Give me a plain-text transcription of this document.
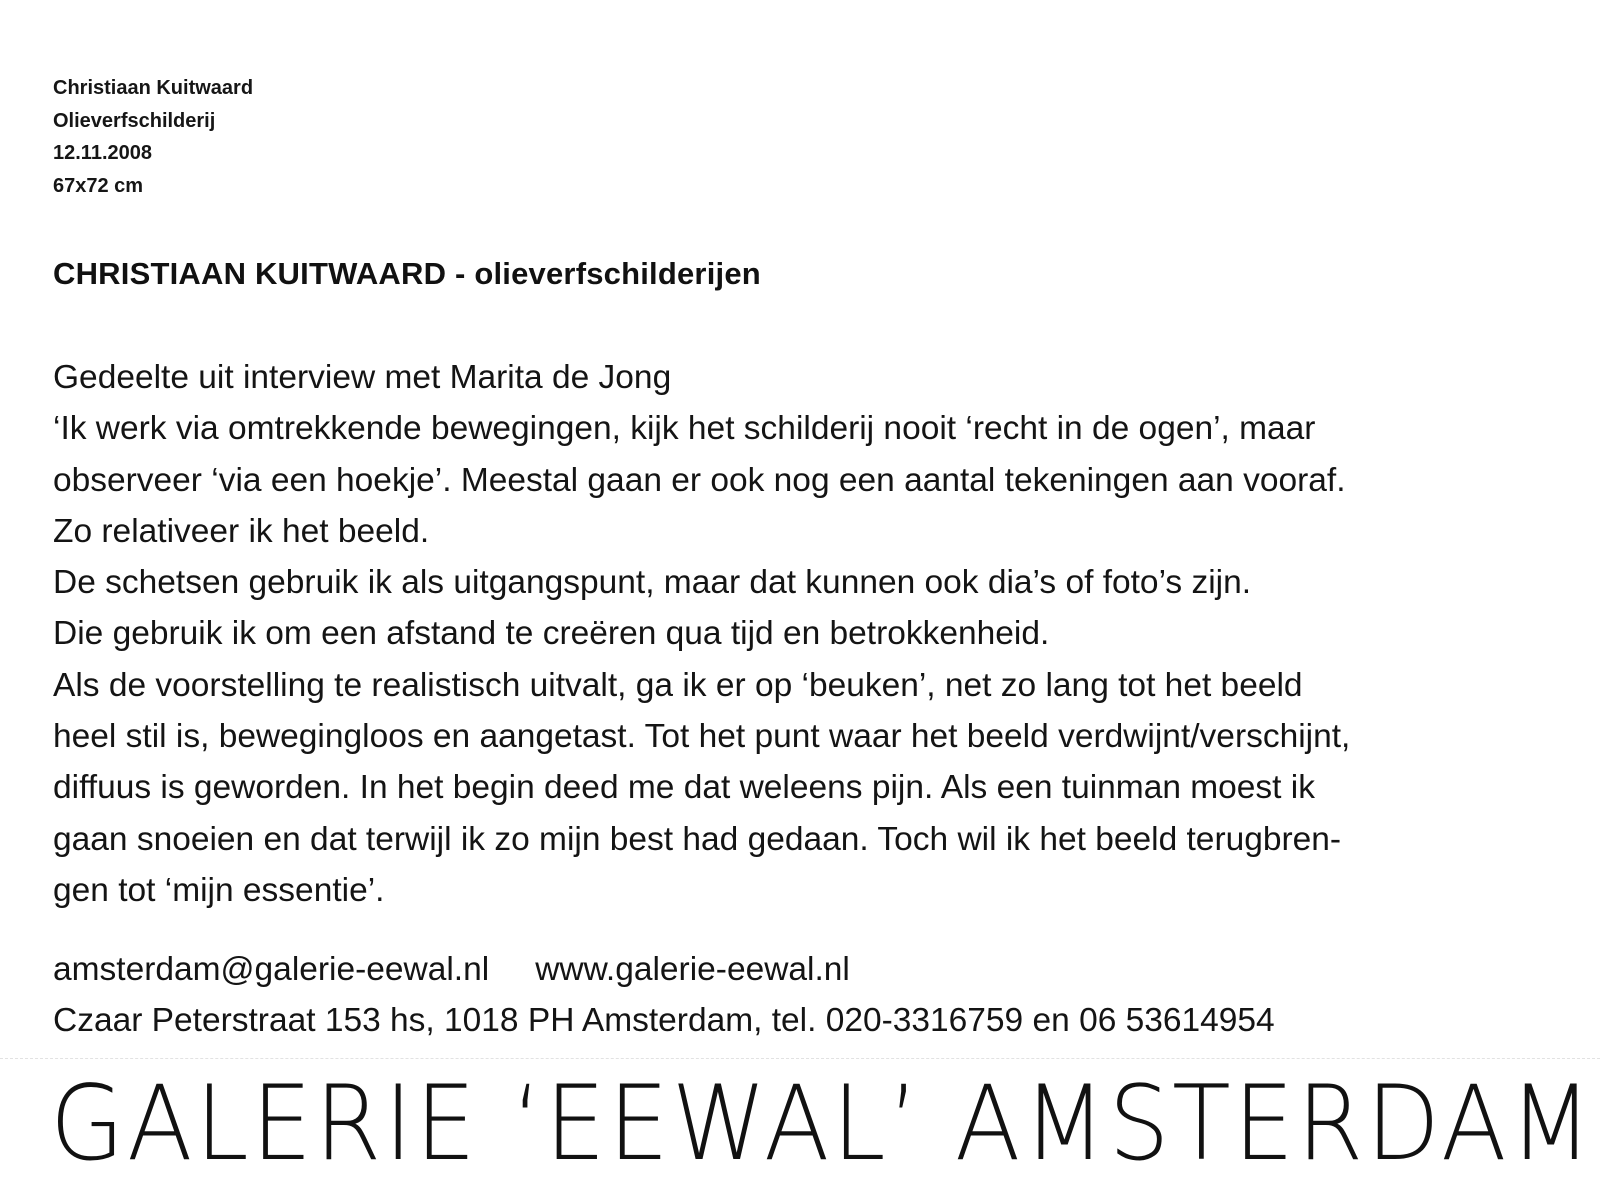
Christiaan Kuitwaard
Olieverfschilderij
12.11.2008
67x72 cm
CHRISTIAAN KUITWAARD - olieverfschilderijen
Gedeelte uit interview met Marita de Jong
‘Ik werk via omtrekkende bewegingen, kijk het schilderij nooit ‘recht in de ogen’, maar
observeer ‘via een hoekje’. Meestal gaan er ook nog een aantal tekeningen aan vooraf.
Zo relativeer ik het beeld.
De schetsen gebruik ik als uitgangspunt, maar dat kunnen ook dia’s of foto’s zijn.
Die gebruik ik om een afstand te creëren qua tijd en betrokkenheid.
Als de voorstelling te realistisch uitvalt, ga ik er op ‘beuken’, net zo lang tot het beeld
heel stil is, bewegingloos en aangetast. Tot het punt waar het beeld verdwijnt/verschijnt,
diffuus is geworden. In het begin deed me dat weleens pijn. Als een tuinman moest ik
gaan snoeien en dat terwijl ik zo mijn best had gedaan. Toch wil ik het beeld terugbren-
gen tot ‘mijn essentie’.
amsterdam@galerie-eewal.nl www.galerie-eewal.nl
Czaar Peterstraat 153 hs, 1018 PH Amsterdam, tel. 020-3316759 en 06 53614954
GALERIE ‘EEWAL’ AMSTERDAM
